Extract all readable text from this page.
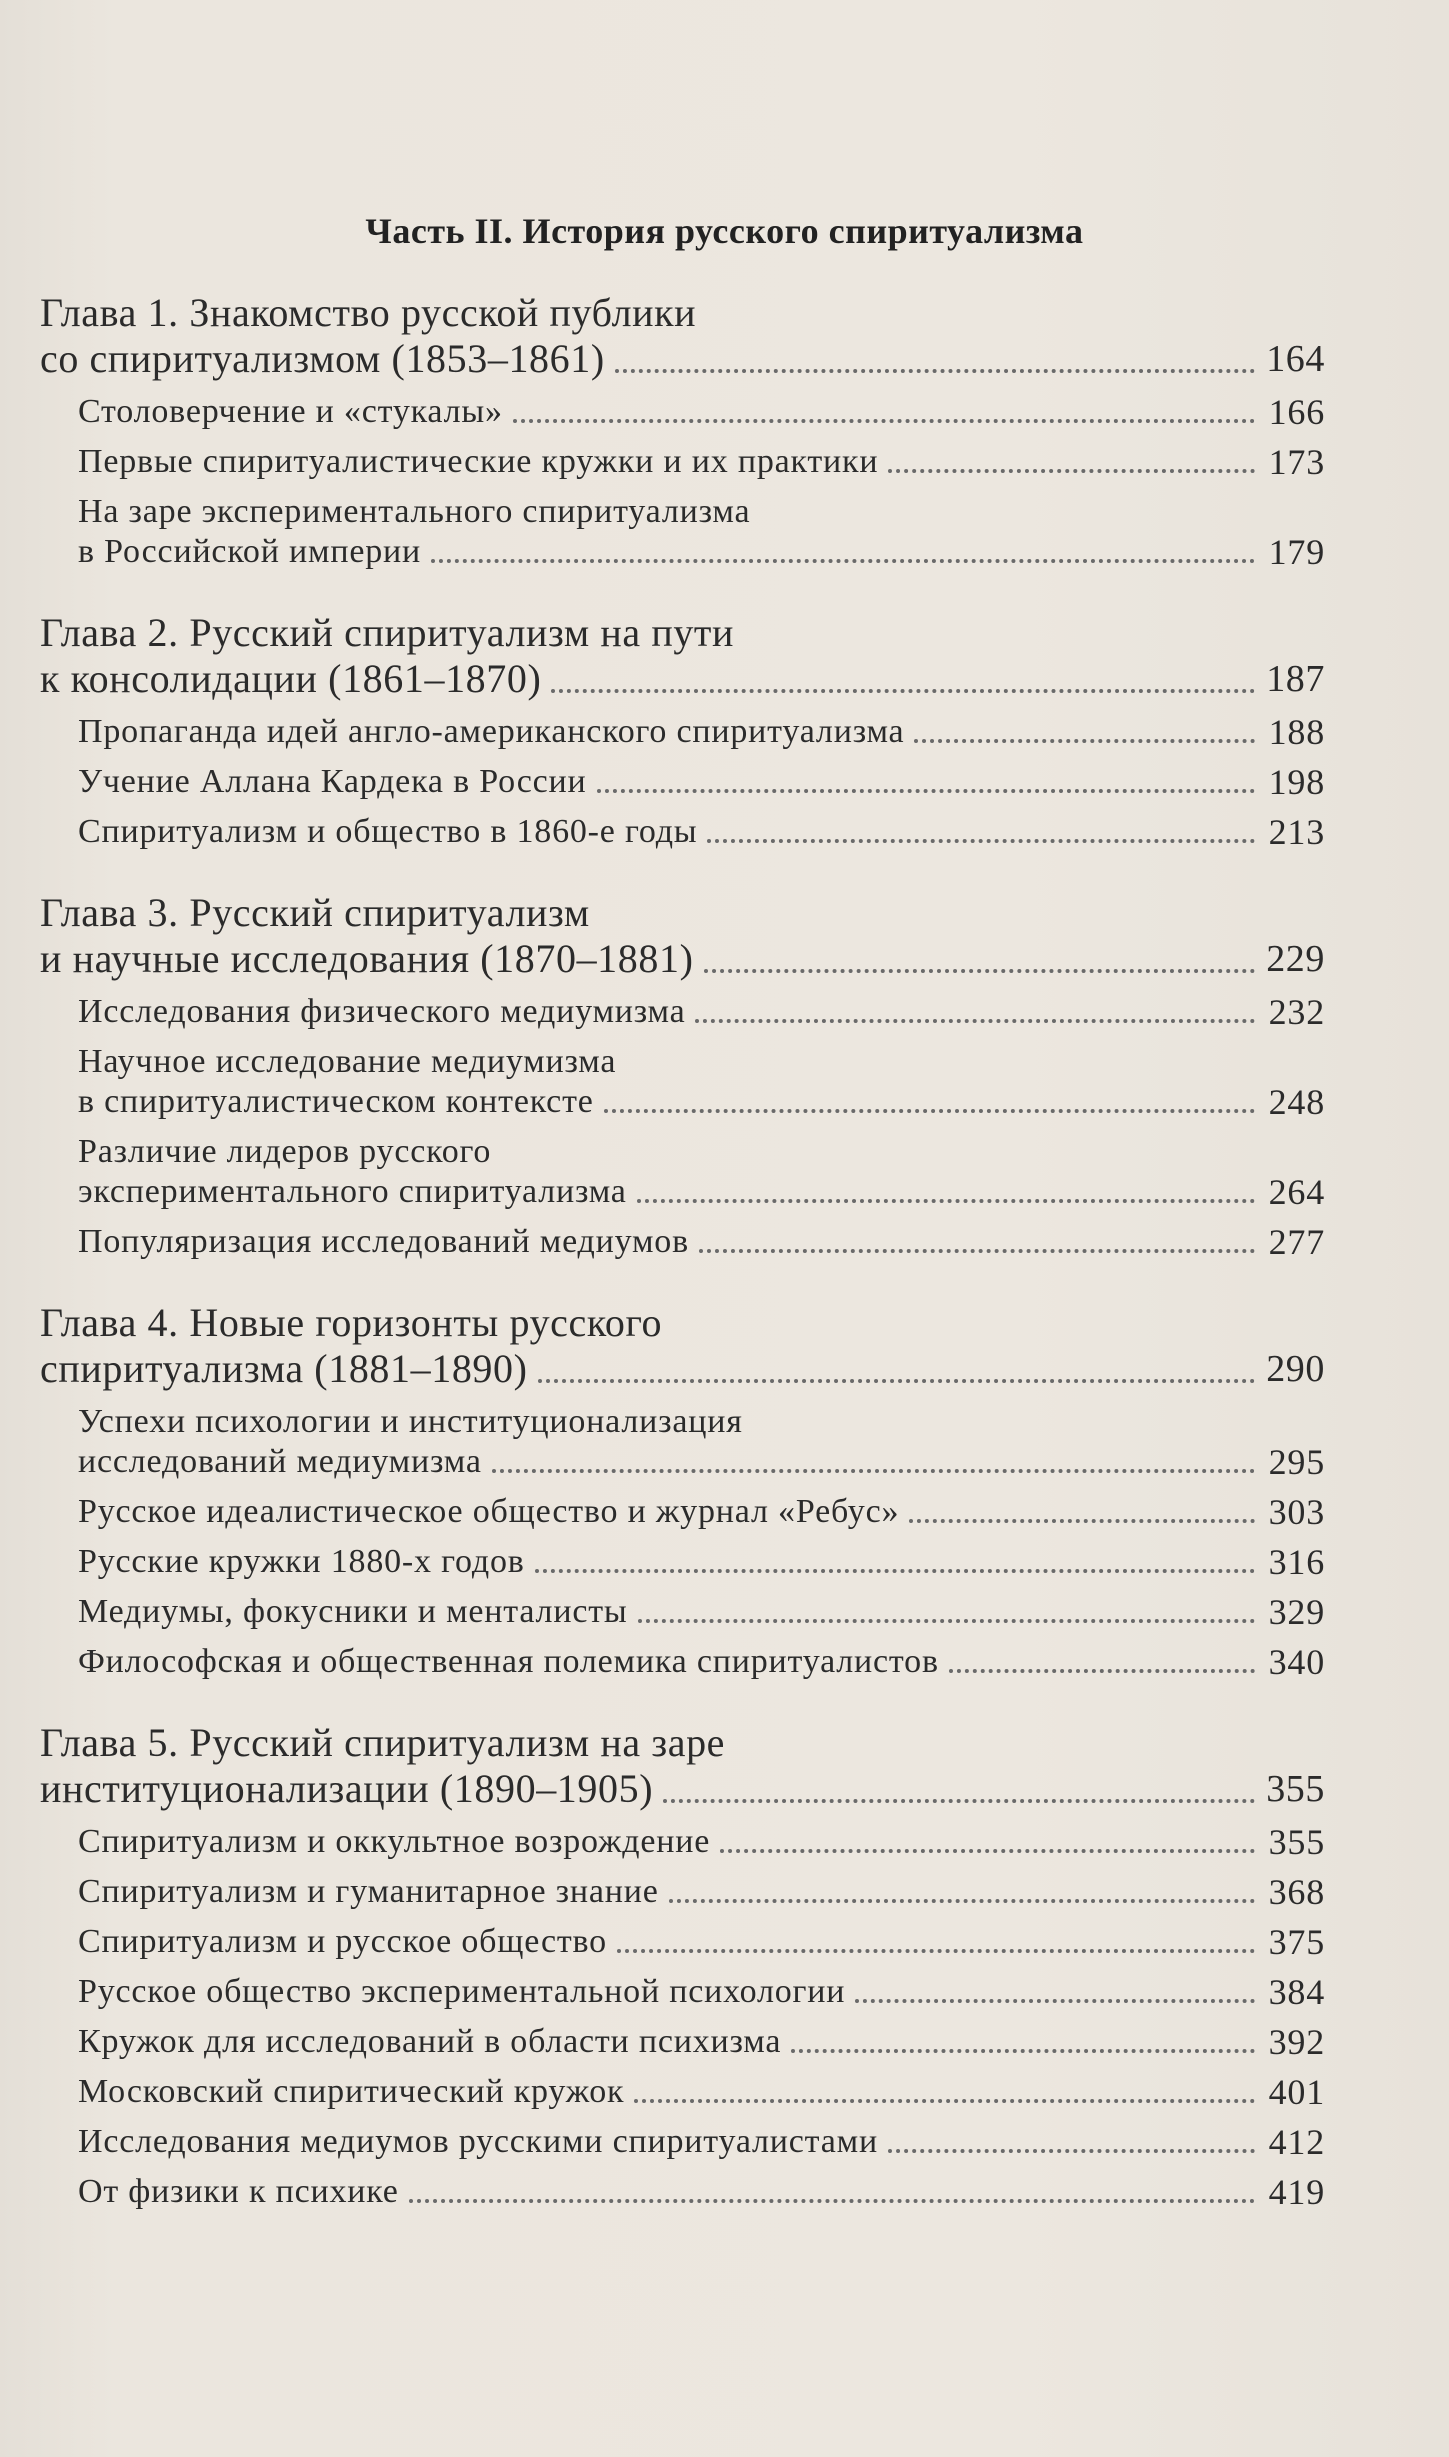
Часть II. История русского спиритуализма
Глава 1. Знакомство русской публики
со спиритуализмом (1853–1861)	164
Столоверчение и «стукалы»	166
Первые спиритуалистические кружки и их практики	173
На заре экспериментального спиритуализма
в Российской империи	179
Глава 2. Русский спиритуализм на пути
к консолидации (1861–1870)	187
Пропаганда идей англо-американского спиритуализма	188
Учение Аллана Кардека в России	198
Спиритуализм и общество в 1860-е годы	213
Глава 3. Русский спиритуализм
и научные исследования (1870–1881)	229
Исследования физического медиумизма	232
Научное исследование медиумизма
в спиритуалистическом контексте	248
Различие лидеров русского
экспериментального спиритуализма	264
Популяризация исследований медиумов	277
Глава 4. Новые горизонты русского
спиритуализма (1881–1890)	290
Успехи психологии и институционализация
исследований медиумизма	295
Русское идеалистическое общество и журнал «Ребус»	303
Русские кружки 1880-х годов	316
Медиумы, фокусники и менталисты	329
Философская и общественная полемика спиритуалистов	340
Глава 5. Русский спиритуализм на заре
институционализации (1890–1905)	355
Спиритуализм и оккультное возрождение	355
Спиритуализм и гуманитарное знание	368
Спиритуализм и русское общество	375
Русское общество экспериментальной психологии	384
Кружок для исследований в области психизма	392
Московский спиритический кружок	401
Исследования медиумов русскими спиритуалистами	412
От физики к психике	419
